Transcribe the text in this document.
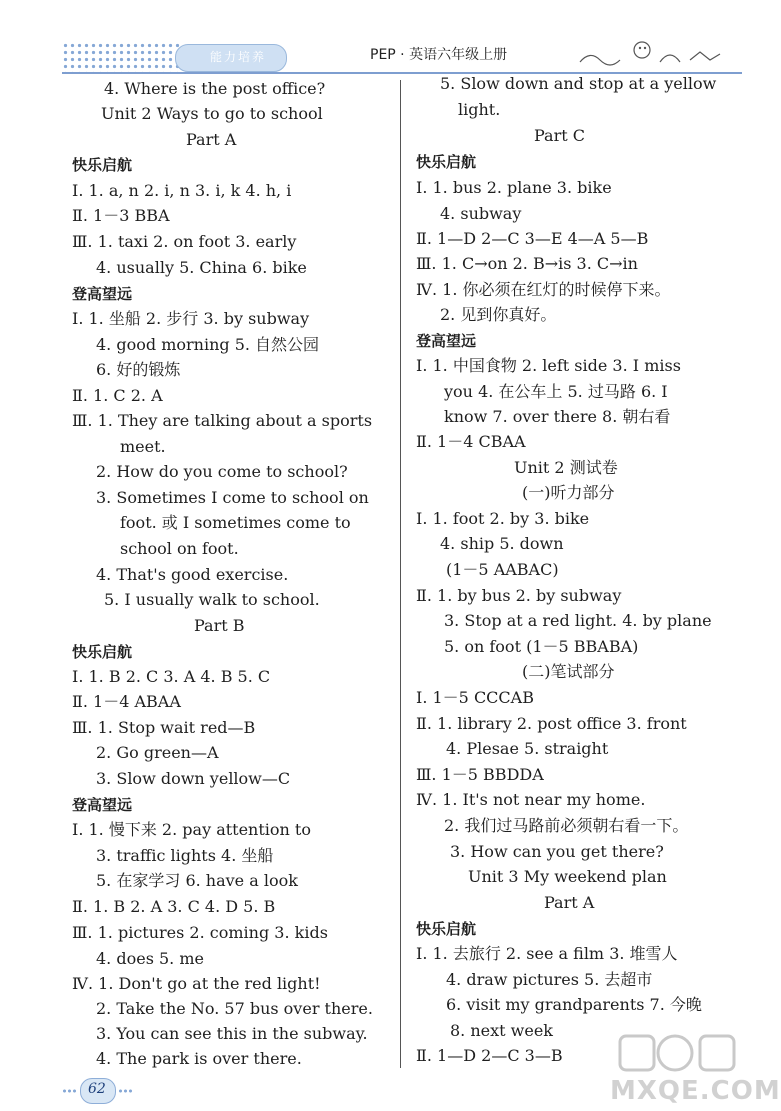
能力培养	PEP · 英语六年级上册
4. Where is the post office?
Unit 2 Ways to go to school
Part A
快乐启航
Ⅰ. 1. a, n 2. i, n 3. i, k 4. h, i
Ⅱ. 1－3 BBA
Ⅲ. 1. taxi 2. on foot 3. early
4. usually 5. China 6. bike
登高望远
Ⅰ. 1. 坐船 2. 步行 3. by subway
4. good morning 5. 自然公园
6. 好的锻炼
Ⅱ. 1. C 2. A
Ⅲ. 1. They are talking about a sports
meet.
2. How do you come to school?
3. Sometimes I come to school on
foot. 或 I sometimes come to
school on foot.
4. That's good exercise.
5. I usually walk to school.
Part B
快乐启航
Ⅰ. 1. B 2. C 3. A 4. B 5. C
Ⅱ. 1－4 ABAA
Ⅲ. 1. Stop wait red—B
2. Go green—A
3. Slow down yellow—C
登高望远
Ⅰ. 1. 慢下来 2. pay attention to
3. traffic lights 4. 坐船
5. 在家学习 6. have a look
Ⅱ. 1. B 2. A 3. C 4. D 5. B
Ⅲ. 1. pictures 2. coming 3. kids
4. does 5. me
Ⅳ. 1. Don't go at the red light!
2. Take the No. 57 bus over there.
3. You can see this in the subway.
4. The park is over there.
5. Slow down and stop at a yellow
light.
Part C
快乐启航
Ⅰ. 1. bus 2. plane 3. bike
4. subway
Ⅱ. 1—D 2—C 3—E 4—A 5—B
Ⅲ. 1. C→on 2. B→is 3. C→in
Ⅳ. 1. 你必须在红灯的时候停下来。
2. 见到你真好。
登高望远
Ⅰ. 1. 中国食物 2. left side 3. I miss
you 4. 在公车上 5. 过马路 6. I
know 7. over there 8. 朝右看
Ⅱ. 1－4 CBAA
Unit 2 测试卷
(一)听力部分
Ⅰ. 1. foot 2. by 3. bike
4. ship 5. down
(1－5 AABAC)
Ⅱ. 1. by bus 2. by subway
3. Stop at a red light. 4. by plane
5. on foot (1－5 BBABA)
(二)笔试部分
Ⅰ. 1－5 CCCAB
Ⅱ. 1. library 2. post office 3. front
4. Plesae 5. straight
Ⅲ. 1－5 BBDDA
Ⅳ. 1. It's not near my home.
2. 我们过马路前必须朝右看一下。
3. How can you get there?
Unit 3 My weekend plan
Part A
快乐启航
Ⅰ. 1. 去旅行 2. see a film 3. 堆雪人
4. draw pictures 5. 去超市
6. visit my grandparents 7. 今晚
8. next week
Ⅱ. 1—D 2—C 3—B
62	MXQE.COM
